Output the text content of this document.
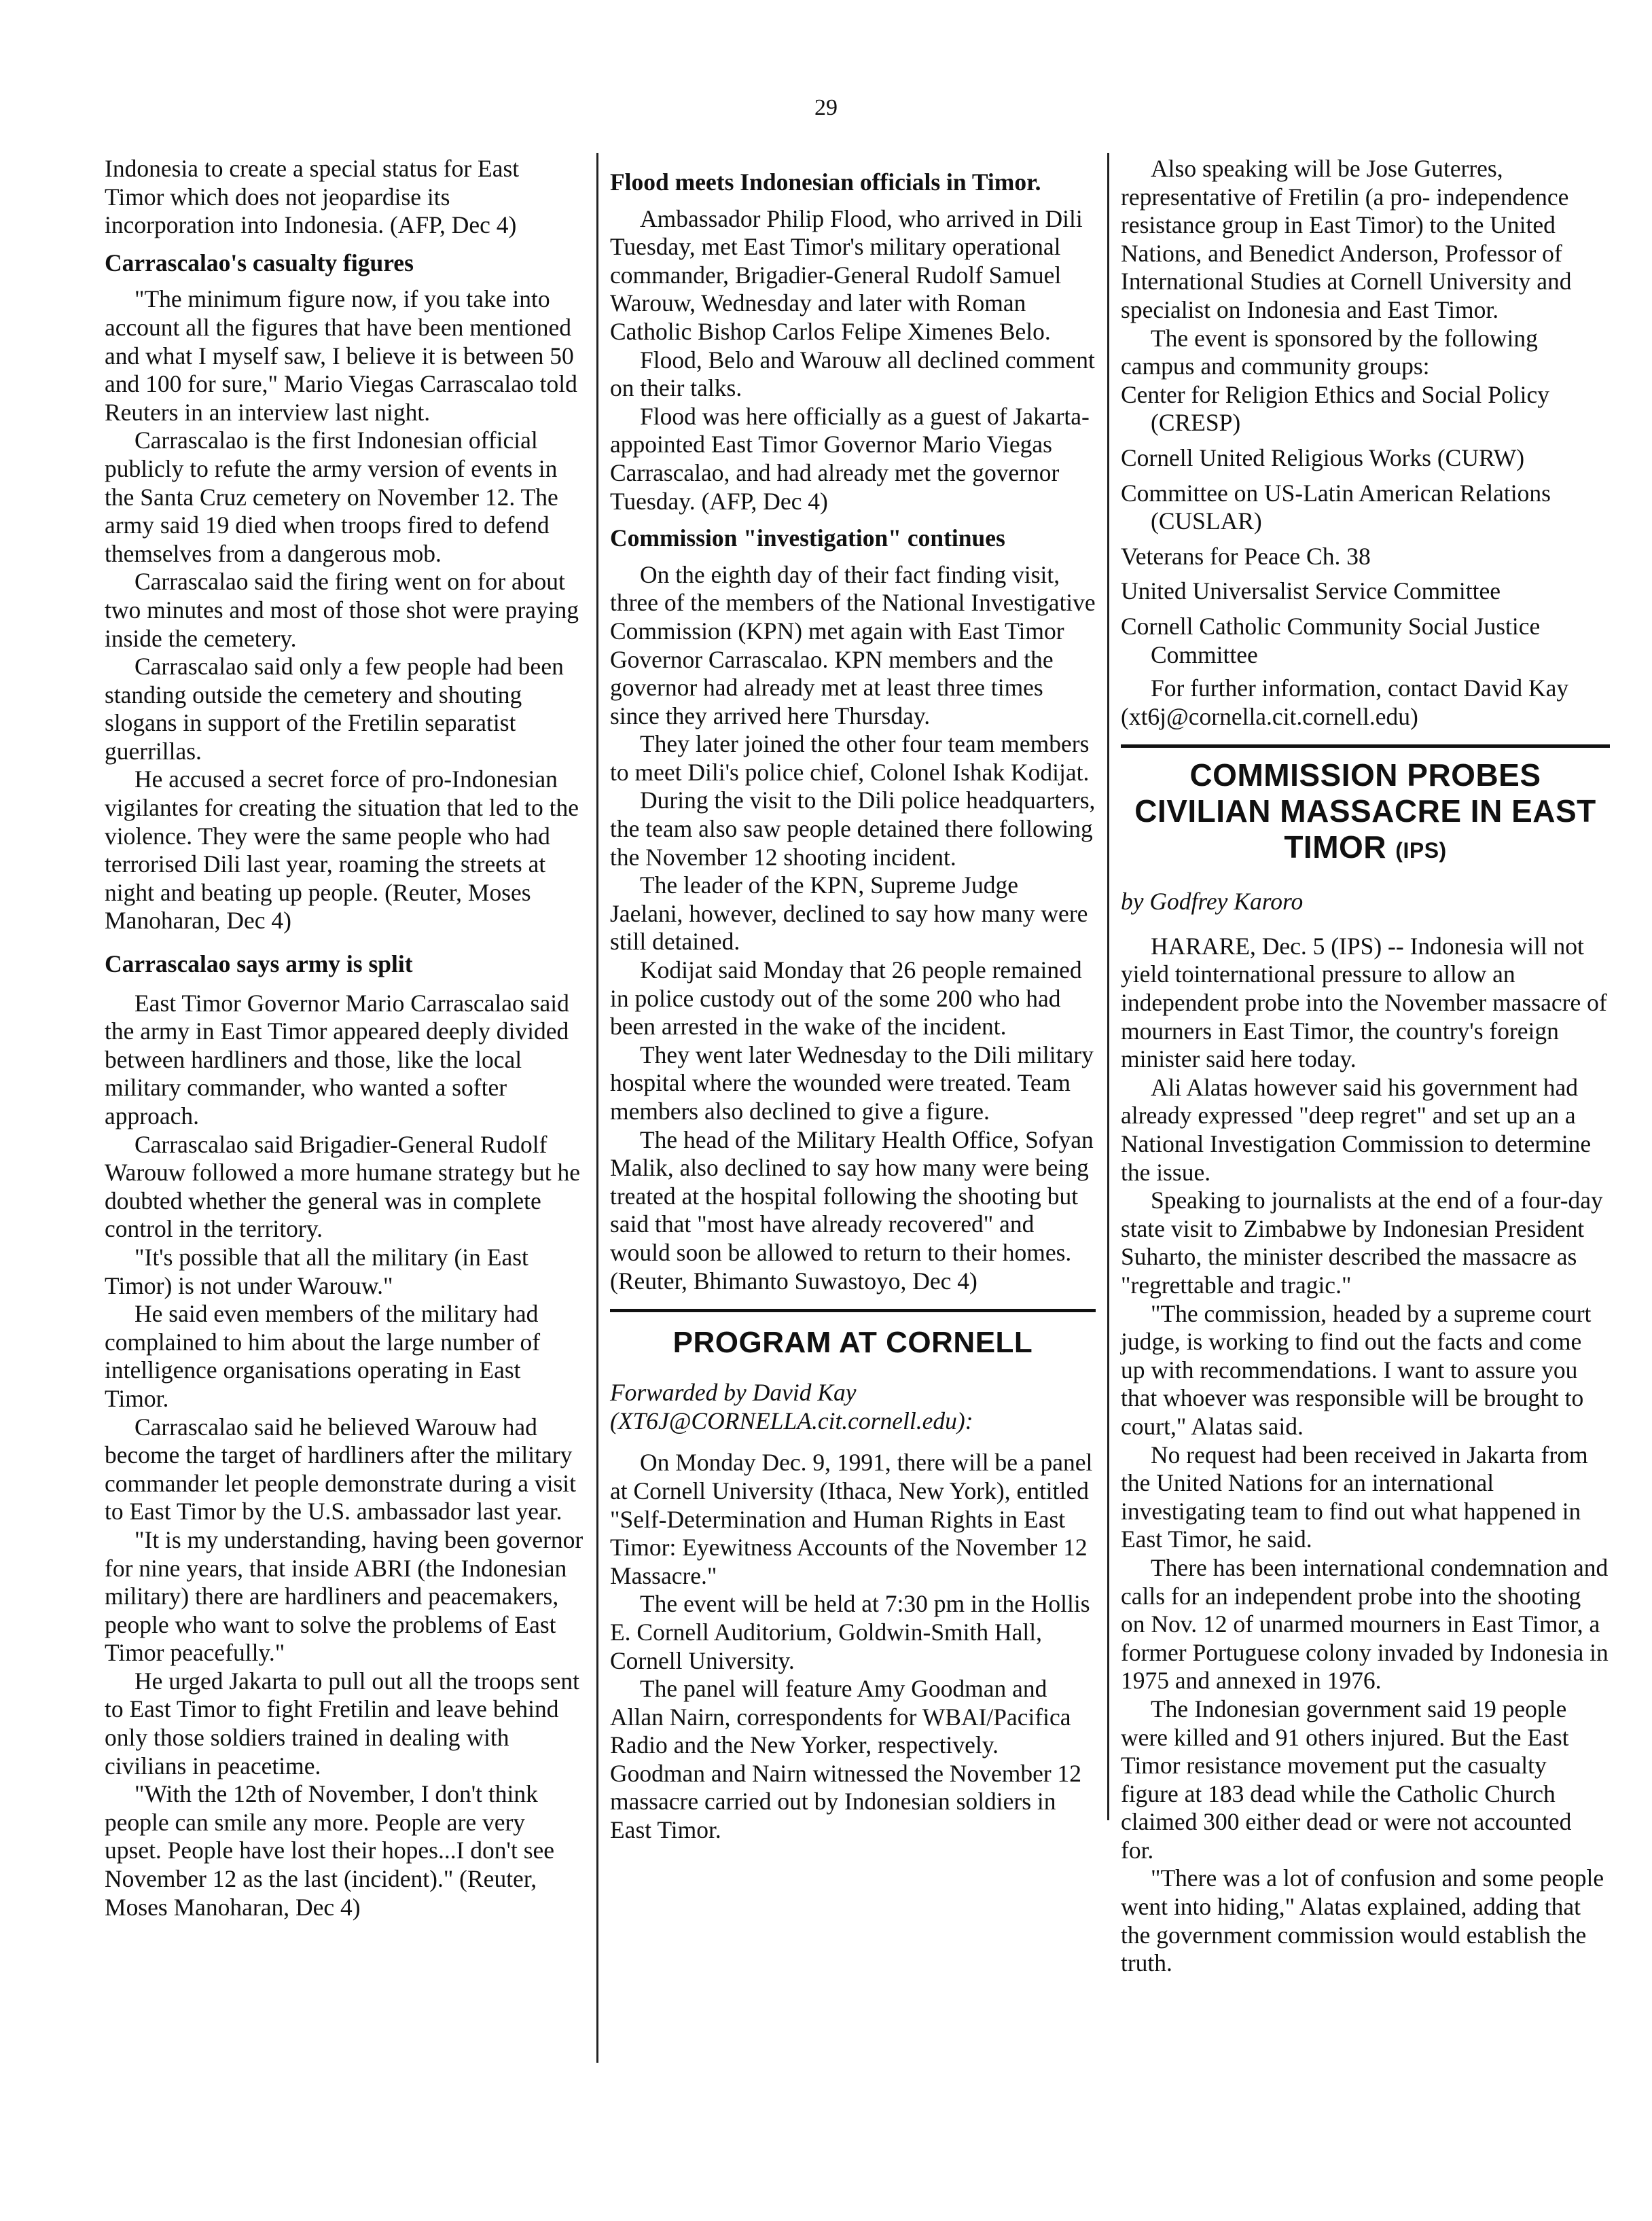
29

Indonesia to create a special status for East Timor which does not jeopardise its incorporation into Indonesia. (AFP, Dec 4)

Carrascalao's casualty figures

"The minimum figure now, if you take into account all the figures that have been mentioned and what I myself saw, I believe it is between 50 and 100 for sure," Mario Viegas Carrascalao told Reuters in an interview last night.

Carrascalao is the first Indonesian official publicly to refute the army version of events in the Santa Cruz cemetery on November 12. The army said 19 died when troops fired to defend themselves from a dangerous mob.

Carrascalao said the firing went on for about two minutes and most of those shot were praying inside the cemetery.

Carrascalao said only a few people had been standing outside the cemetery and shouting slogans in support of the Fretilin separatist guerrillas.

He accused a secret force of pro-Indonesian vigilantes for creating the situation that led to the violence. They were the same people who had terrorised Dili last year, roaming the streets at night and beating up people. (Reuter, Moses Manoharan, Dec 4)

Carrascalao says army is split

East Timor Governor Mario Carrascalao said the army in East Timor appeared deeply divided between hardliners and those, like the local military commander, who wanted a softer approach.

Carrascalao said Brigadier-General Rudolf Warouw followed a more humane strategy but he doubted whether the general was in complete control in the territory.

"It's possible that all the military (in East Timor) is not under Warouw."

He said even members of the military had complained to him about the large number of intelligence organisations operating in East Timor.

Carrascalao said he believed Warouw had become the target of hardliners after the military commander let people demonstrate during a visit to East Timor by the U.S. ambassador last year.

"It is my understanding, having been governor for nine years, that inside ABRI (the Indonesian military) there are hardliners and peacemakers, people who want to solve the problems of East Timor peacefully."

He urged Jakarta to pull out all the troops sent to East Timor to fight Fretilin and leave behind only those soldiers trained in dealing with civilians in peacetime.

"With the 12th of November, I don't think people can smile any more. People are very upset. People have lost their hopes...I don't see November 12 as the last (incident)." (Reuter, Moses Manoharan, Dec 4)

Flood meets Indonesian officials in Timor.

Ambassador Philip Flood, who arrived in Dili Tuesday, met East Timor's military operational commander, Brigadier-General Rudolf Samuel Warouw, Wednesday and later with Roman Catholic Bishop Carlos Felipe Ximenes Belo.

Flood, Belo and Warouw all declined comment on their talks.

Flood was here officially as a guest of Jakarta-appointed East Timor Governor Mario Viegas Carrascalao, and had already met the governor Tuesday. (AFP, Dec 4)

Commission "investigation" continues

On the eighth day of their fact finding visit, three of the members of the National Investigative Commission (KPN) met again with East Timor Governor Carrascalao. KPN members and the governor had already met at least three times since they arrived here Thursday.

They later joined the other four team members to meet Dili's police chief, Colonel Ishak Kodijat.

During the visit to the Dili police headquarters, the team also saw people detained there following the November 12 shooting incident.

The leader of the KPN, Supreme Judge Jaelani, however, declined to say how many were still detained.

Kodijat said Monday that 26 people remained in police custody out of the some 200 who had been arrested in the wake of the incident.

They went later Wednesday to the Dili military hospital where the wounded were treated. Team members also declined to give a figure.

The head of the Military Health Office, Sofyan Malik, also declined to say how many were being treated at the hospital following the shooting but said that "most have already recovered" and would soon be allowed to return to their homes. (Reuter, Bhimanto Suwastoyo, Dec 4)

PROGRAM AT CORNELL

Forwarded by David Kay

(XT6J@CORNELLA.cit.cornell.edu):

On Monday Dec. 9, 1991, there will be a panel at Cornell University (Ithaca, New York), entitled "Self-Determination and Human Rights in East Timor: Eyewitness Accounts of the November 12 Massacre."

The event will be held at 7:30 pm in the Hollis E. Cornell Auditorium, Goldwin-Smith Hall, Cornell University.

The panel will feature Amy Goodman and Allan Nairn, correspondents for WBAI/Pacifica Radio and the New Yorker, respectively. Goodman and Nairn witnessed the November 12 massacre carried out by Indonesian soldiers in East Timor.

Also speaking will be Jose Guterres, representative of Fretilin (a pro- independence resistance group in East Timor) to the United Nations, and Benedict Anderson, Professor of International Studies at Cornell University and specialist on Indonesia and East Timor.

The event is sponsored by the following campus and community groups:

Center for Religion Ethics and Social Policy (CRESP)

Cornell United Religious Works (CURW)

Committee on US-Latin American Relations (CUSLAR)

Veterans for Peace Ch. 38

United Universalist Service Committee

Cornell Catholic Community Social Justice Committee

For further information, contact David Kay (xt6j@cornella.cit.cornell.edu)

COMMISSION PROBES CIVILIAN MASSACRE IN EAST TIMOR (IPS)

by Godfrey Karoro

HARARE, Dec. 5 (IPS) -- Indonesia will not yield tointernational pressure to allow an independent probe into the November massacre of mourners in East Timor, the country's foreign minister said here today.

Ali Alatas however said his government had already expressed "deep regret" and set up an a National Investigation Commission to determine the issue.

Speaking to journalists at the end of a four-day state visit to Zimbabwe by Indonesian President Suharto, the minister described the massacre as "regrettable and tragic."

"The commission, headed by a supreme court judge, is working to find out the facts and come up with recommendations. I want to assure you that whoever was responsible will be brought to court," Alatas said.

No request had been received in Jakarta from the United Nations for an international investigating team to find out what happened in East Timor, he said.

There has been international condemnation and calls for an independent probe into the shooting on Nov. 12 of unarmed mourners in East Timor, a former Portuguese colony invaded by Indonesia in 1975 and annexed in 1976.

The Indonesian government said 19 people were killed and 91 others injured. But the East Timor resistance movement put the casualty figure at 183 dead while the Catholic Church claimed 300 either dead or were not accounted for.

"There was a lot of confusion and some people went into hiding," Alatas explained, adding that the government commission would establish the truth.
